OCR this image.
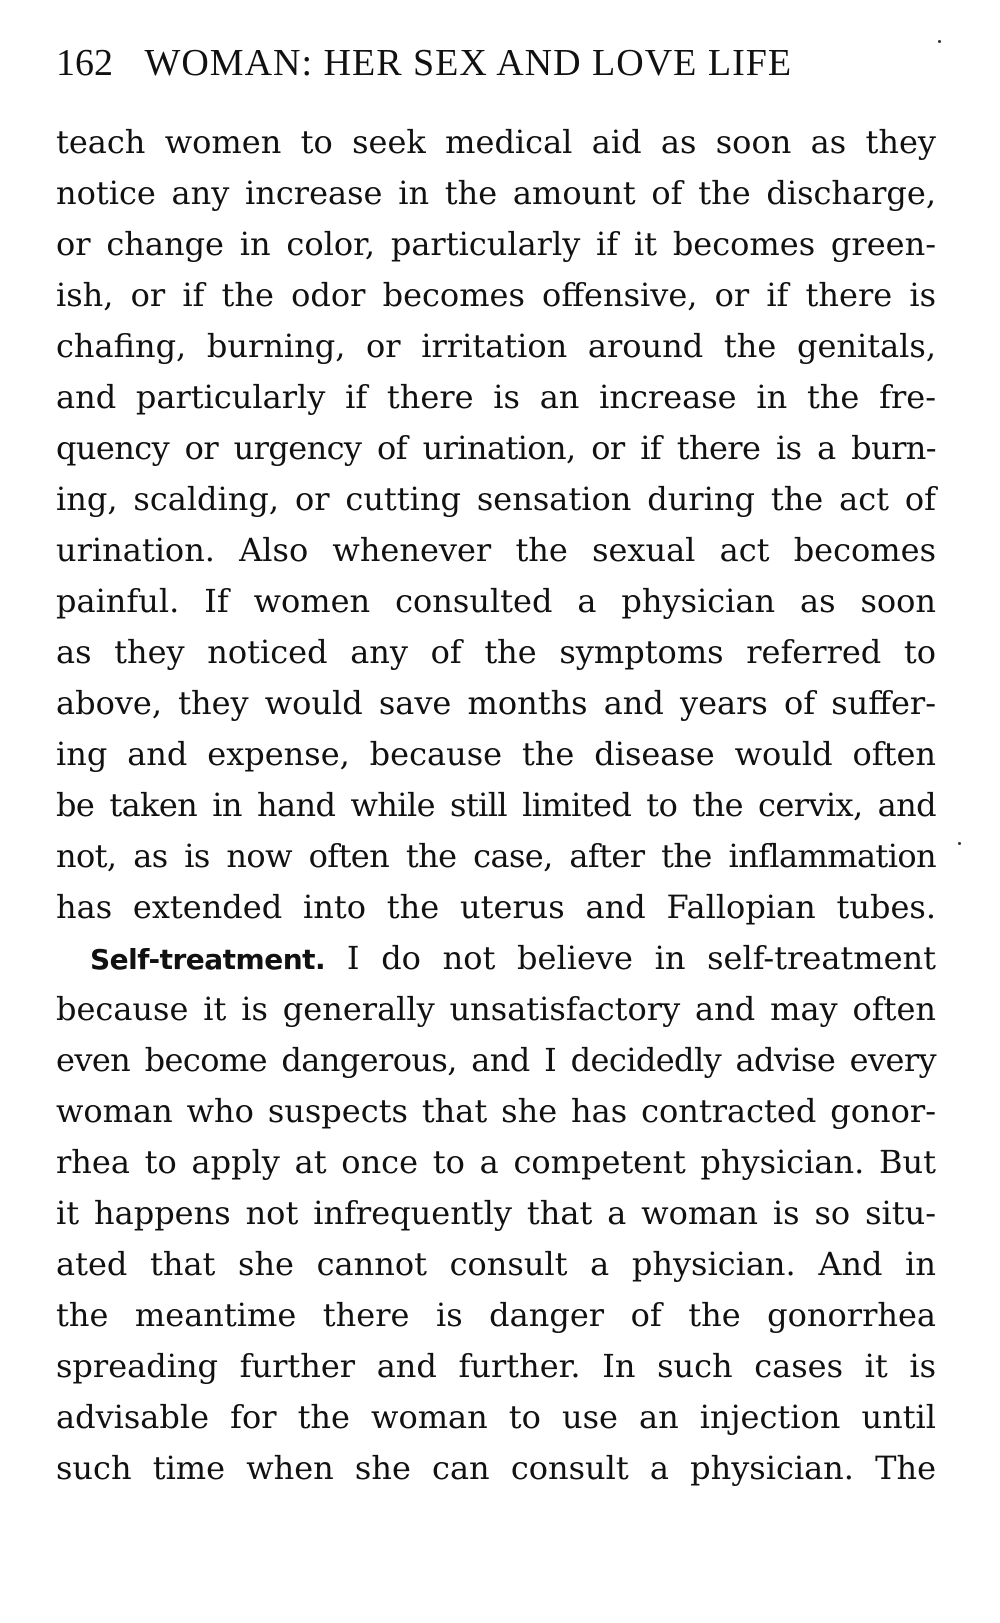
162 WOMAN: HER SEX AND LOVE LIFE
teach women to seek medical aid as soon as they
notice any increase in the amount of the discharge,
or change in color, particularly if it becomes green-
ish, or if the odor becomes offensive, or if there is
chafing, burning, or irritation around the genitals,
and particularly if there is an increase in the fre-
quency or urgency of urination, or if there is a burn-
ing, scalding, or cutting sensation during the act of
urination. Also whenever the sexual act becomes
painful. If women consulted a physician as soon
as they noticed any of the symptoms referred to
above, they would save months and years of suffer-
ing and expense, because the disease would often
be taken in hand while still limited to the cervix, and
not, as is now often the case, after the inflammation
has extended into the uterus and Fallopian tubes.
Self-treatment. I do not believe in self-treatment
because it is generally unsatisfactory and may often
even become dangerous, and I decidedly advise every
woman who suspects that she has contracted gonor-
rhea to apply at once to a competent physician. But
it happens not infrequently that a woman is so situ-
ated that she cannot consult a physician. And in
the meantime there is danger of the gonorrhea
spreading further and further. In such cases it is
advisable for the woman to use an injection until
such time when she can consult a physician. The
